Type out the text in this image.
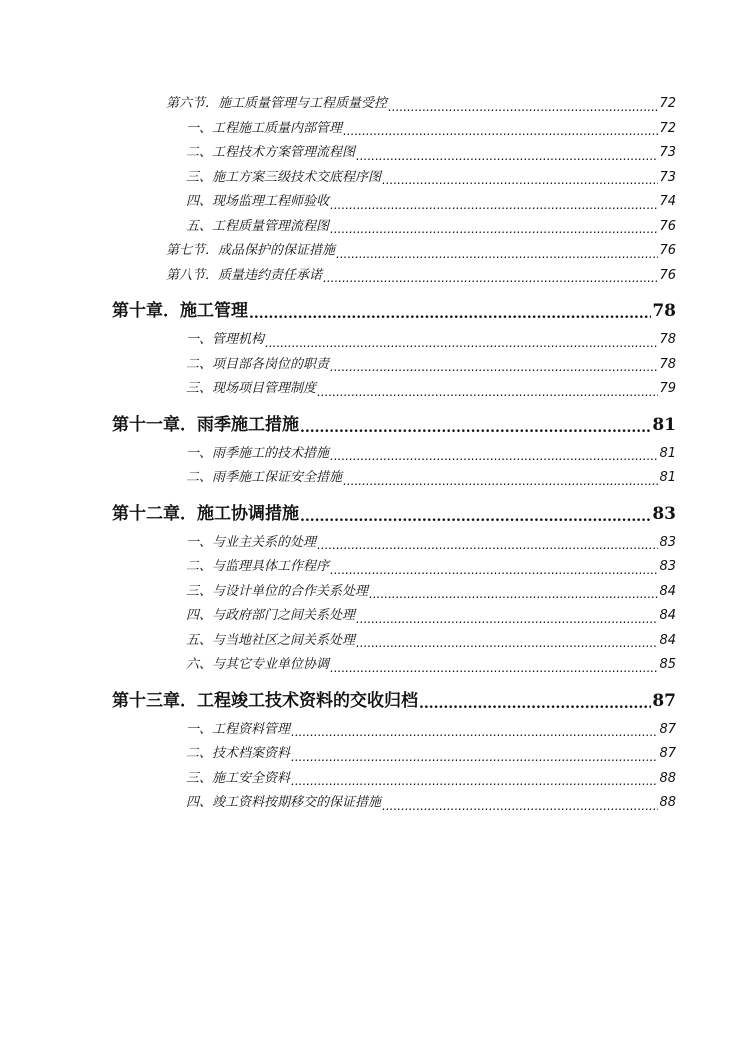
第六节．施工质量管理与工程质量受控 .....	72
一、工程施工质量内部管理 .....	72
二、工程技术方案管理流程图 .....	73
三、施工方案三级技术交底程序图 .....	73
四、现场监理工程师验收 .....	74
五、工程质量管理流程图 .....	76
第七节．成品保护的保证措施 .....	76
第八节．质量违约责任承诺 .....	76
第十章．施工管理 .....	78
一、管理机构 .....	78
二、项目部各岗位的职责 .....	78
三、现场项目管理制度 .....	79
第十一章．雨季施工措施 .....	81
一、雨季施工的技术措施 .....	81
二、雨季施工保证安全措施 .....	81
第十二章．施工协调措施 .....	83
一、与业主关系的处理 .....	83
二、与监理具体工作程序 .....	83
三、与设计单位的合作关系处理 .....	84
四、与政府部门之间关系处理 .....	84
五、与当地社区之间关系处理 .....	84
六、与其它专业单位协调 .....	85
第十三章．工程竣工技术资料的交收归档 .....	87
一、工程资料管理 .....	87
二、技术档案资料 .....	87
三、施工安全资料 .....	88
四、竣工资料按期移交的保证措施 .....	88
